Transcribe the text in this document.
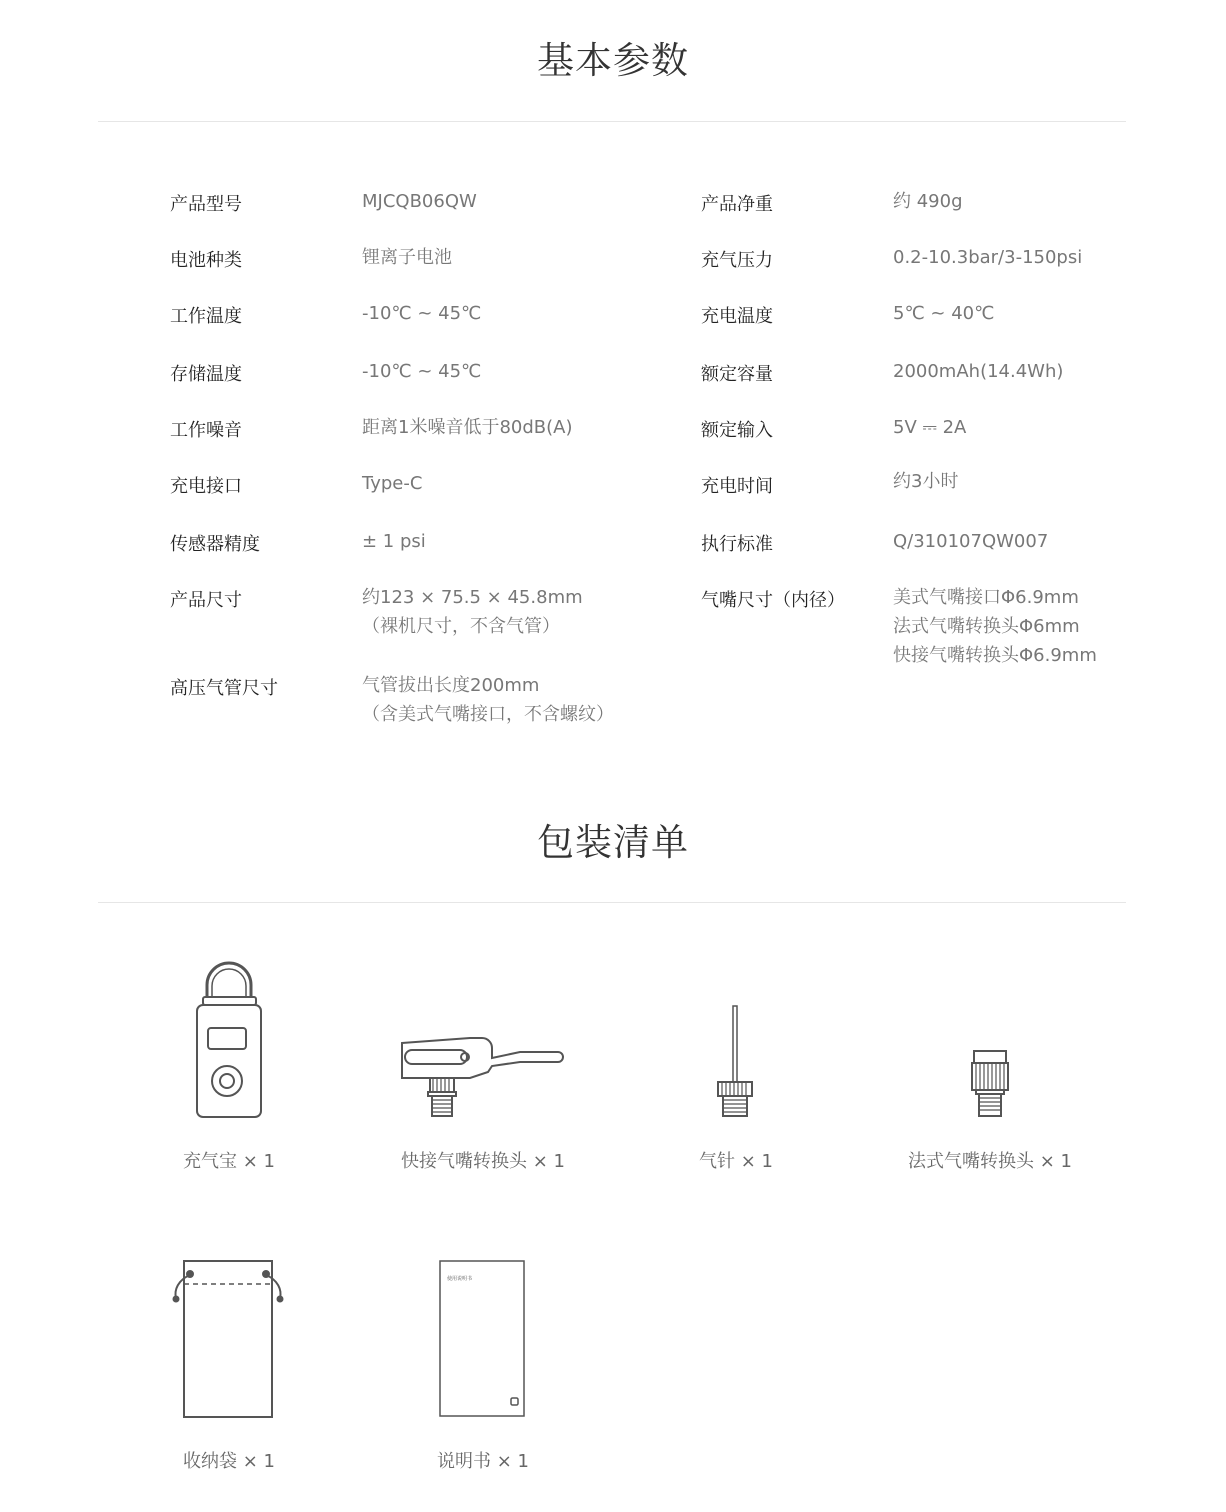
基本参数
产品型号	MJCQB06QW
电池种类	锂离子电池
工作温度	-10℃ ~ 45℃
存储温度	-10℃ ~ 45℃
工作噪音	距离1米噪音低于80dB(A)
充电接口	Type-C
传感器精度	± 1 psi
产品尺寸	约123 × 75.5 × 45.8mm
（裸机尺寸，不含气管）
高压气管尺寸	气管拔出长度200mm
（含美式气嘴接口，不含螺纹）
产品净重	约 490g
充气压力	0.2-10.3bar/3-150psi
充电温度	5℃ ~ 40℃
额定容量	2000mAh(14.4Wh)
额定输入	5V ⎓ 2A
充电时间	约3小时
执行标准	Q/310107QW007
气嘴尺寸（内径）	美式气嘴接口Φ6.9mm
法式气嘴转换头Φ6mm
快接气嘴转换头Φ6.9mm
包装清单
充气宝 × 1	快接气嘴转换头 × 1	气针 × 1	法式气嘴转换头 × 1
收纳袋 × 1
使用说明书
说明书 × 1
